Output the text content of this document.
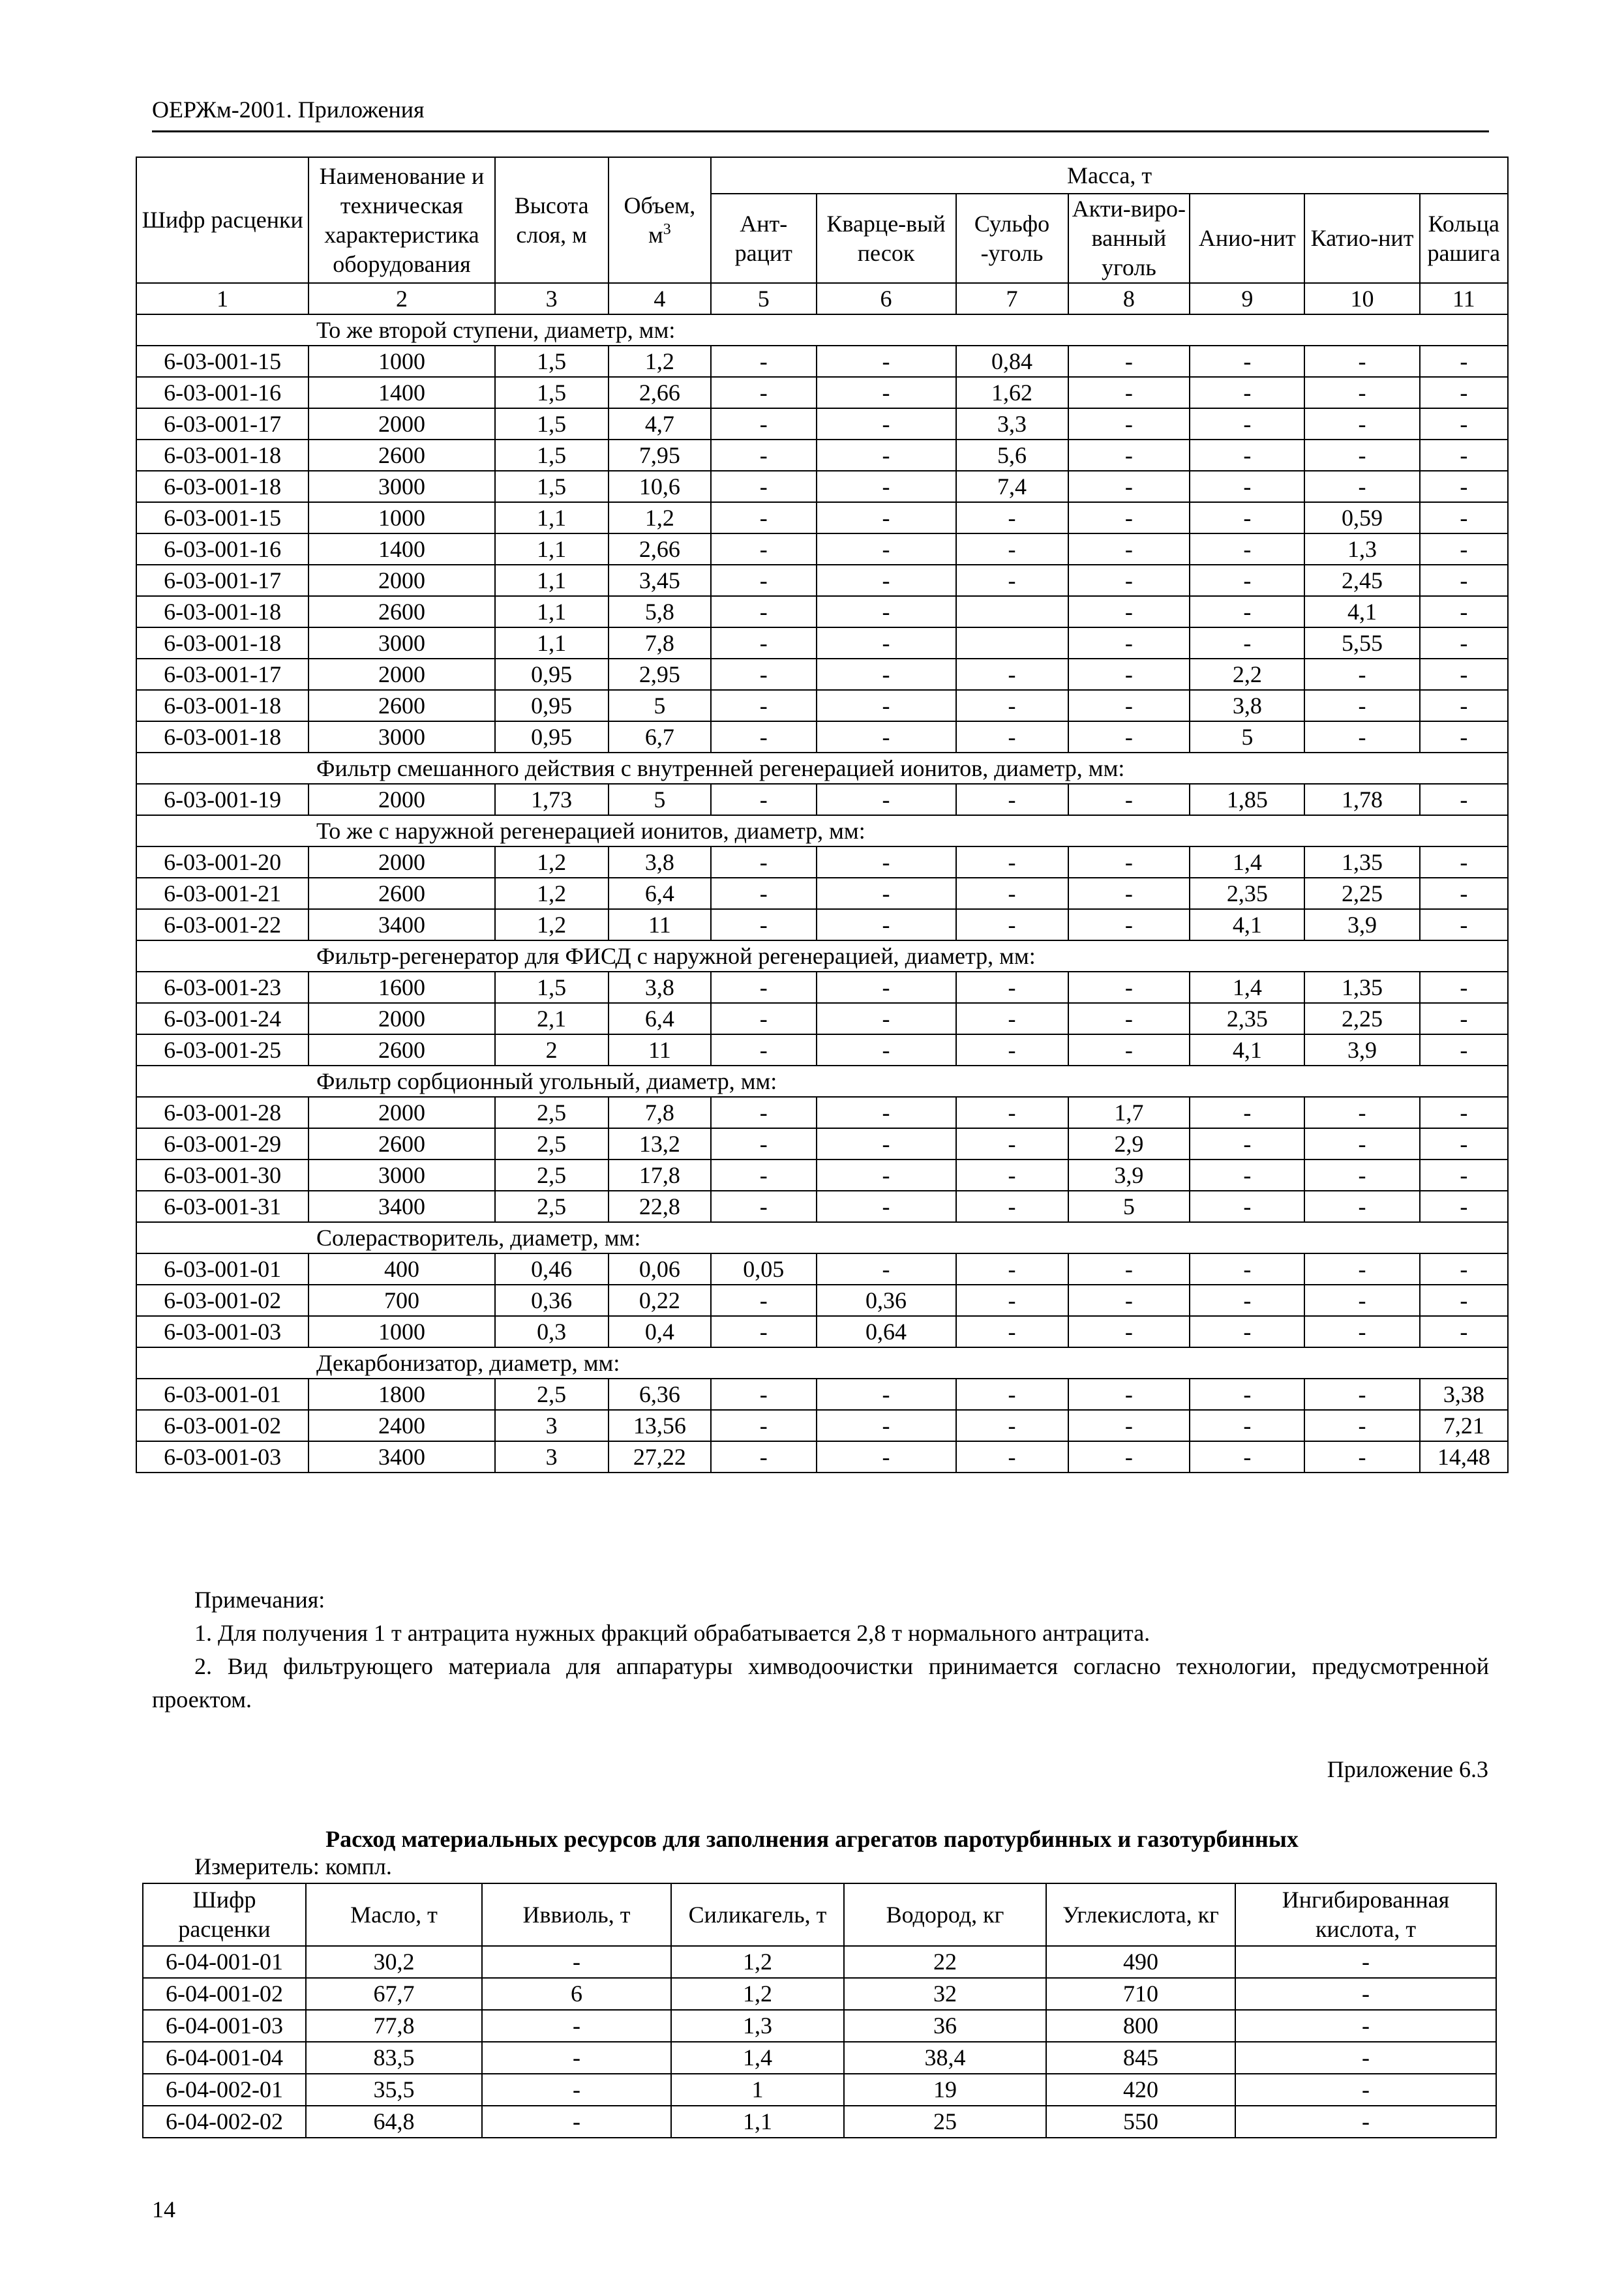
ОЕРЖм-2001. Приложения
Шифр расценки	Наименование и техническая характеристика оборудования	Высота слоя, м	Объем, $м^3$	Масса, т						
				Ант-рацит	Кварце-вый песок	Сульфо -уголь	Акти-виро-ванный уголь	Анио-нит	Катио-нит	Кольца рашига
1	2	3	4	5	6	7	8	9	10	11
То же второй ступени, диаметр, мм:										
6-03-001-15	1000	1,5	1,2	-	-	0,84	-	-	-	-
6-03-001-16	1400	1,5	2,66	-	-	1,62	-	-	-	-
6-03-001-17	2000	1,5	4,7	-	-	3,3	-	-	-	-
6-03-001-18	2600	1,5	7,95	-	-	5,6	-	-	-	-
6-03-001-18	3000	1,5	10,6	-	-	7,4	-	-	-	-
6-03-001-15	1000	1,1	1,2	-	-	-	-	-	0,59	-
6-03-001-16	1400	1,1	2,66	-	-	-	-	-	1,3	-
6-03-001-17	2000	1,1	3,45	-	-	-	-	-	2,45	-
6-03-001-18	2600	1,1	5,8	-	-		-	-	4,1	-
6-03-001-18	3000	1,1	7,8	-	-		-	-	5,55	-
6-03-001-17	2000	0,95	2,95	-	-	-	-	2,2	-	-
6-03-001-18	2600	0,95	5	-	-	-	-	3,8	-	-
6-03-001-18	3000	0,95	6,7	-	-	-	-	5	-	-
Фильтр смешанного действия с внутренней регенерацией ионитов, диаметр, мм:										
6-03-001-19	2000	1,73	5	-	-	-	-	1,85	1,78	-
То же с наружной регенерацией ионитов, диаметр, мм:										
6-03-001-20	2000	1,2	3,8	-	-	-	-	1,4	1,35	-
6-03-001-21	2600	1,2	6,4	-	-	-	-	2,35	2,25	-
6-03-001-22	3400	1,2	11	-	-	-	-	4,1	3,9	-
Фильтр-регенератор для ФИСД с наружной регенерацией, диаметр, мм:										
6-03-001-23	1600	1,5	3,8	-	-	-	-	1,4	1,35	-
6-03-001-24	2000	2,1	6,4	-	-	-	-	2,35	2,25	-
6-03-001-25	2600	2	11	-	-	-	-	4,1	3,9	-
Фильтр сорбционный угольный, диаметр, мм:										
6-03-001-28	2000	2,5	7,8	-	-	-	1,7	-	-	-
6-03-001-29	2600	2,5	13,2	-	-	-	2,9	-	-	-
6-03-001-30	3000	2,5	17,8	-	-	-	3,9	-	-	-
6-03-001-31	3400	2,5	22,8	-	-	-	5	-	-	-
Солерастворитель, диаметр, мм:										
6-03-001-01	400	0,46	0,06	0,05	-	-	-	-	-	-
6-03-001-02	700	0,36	0,22	-	0,36	-	-	-	-	-
6-03-001-03	1000	0,3	0,4	-	0,64	-	-	-	-	-
Декарбонизатор, диаметр, мм:										
6-03-001-01	1800	2,5	6,36	-	-	-	-	-	-	3,38
6-03-001-02	2400	3	13,56	-	-	-	-	-	-	7,21
6-03-001-03	3400	3	27,22	-	-	-	-	-	-	14,48

Примечания:

1. Для получения 1 т антрацита нужных фракций обрабатывается 2,8 т нормального антрацита.

2. Вид фильтрующего материала для аппаратуры химводоочистки принимается согласно технологии, предусмотренной проектом.

Приложение 6.3
Расход материальных ресурсов для заполнения агрегатов паротурбинных и газотурбинных
Измеритель: компл.
Шифр расценки	Масло, т	Иввиоль, т	Силикагель, т	Водород, кг	Углекислота, кг	Ингибированная кислота, т
6-04-001-01	30,2	-	1,2	22	490	-
6-04-001-02	67,7	6	1,2	32	710	-
6-04-001-03	77,8	-	1,3	36	800	-
6-04-001-04	83,5	-	1,4	38,4	845	-
6-04-002-01	35,5	-	1	19	420	-
6-04-002-02	64,8	-	1,1	25	550	-
14
